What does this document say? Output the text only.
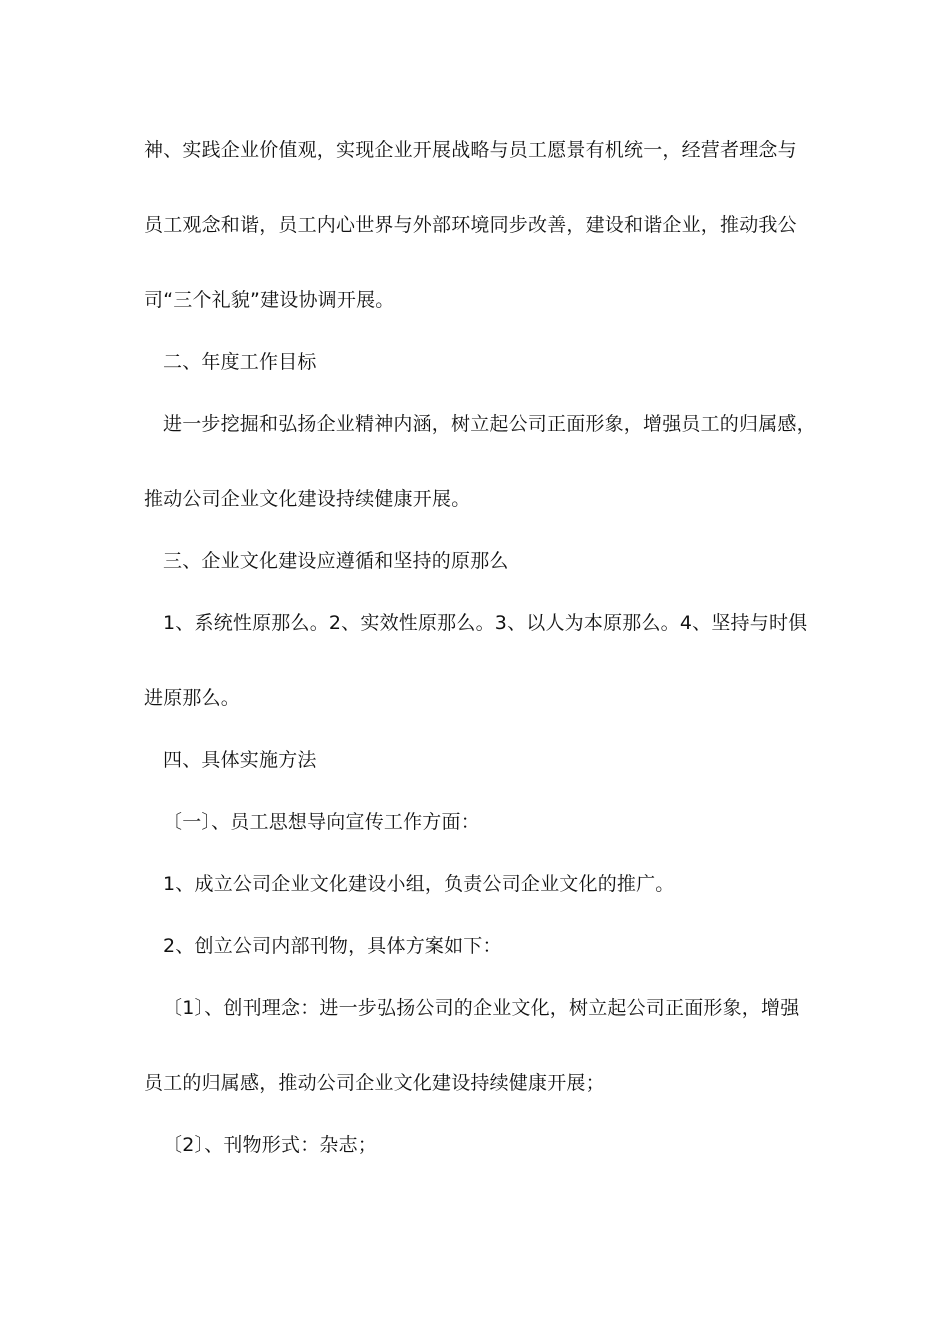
神、实践企业价值观，实现企业开展战略与员工愿景有机统一，经营者理念与
员工观念和谐，员工内心世界与外部环境同步改善，建设和谐企业，推动我公
司“三个礼貌”建设协调开展。
二、年度工作目标
进一步挖掘和弘扬企业精神内涵，树立起公司正面形象，增强员工的归属感，
推动公司企业文化建设持续健康开展。
三、企业文化建设应遵循和坚持的原那么
1、系统性原那么。2、实效性原那么。3、以人为本原那么。4、坚持与时俱
进原那么。
四、具体实施方法
〔一〕、员工思想导向宣传工作方面：
1、成立公司企业文化建设小组，负责公司企业文化的推广。
2、创立公司内部刊物，具体方案如下：
〔1〕、创刊理念：进一步弘扬公司的企业文化，树立起公司正面形象，增强
员工的归属感，推动公司企业文化建设持续健康开展；
〔2〕、刊物形式：杂志；
